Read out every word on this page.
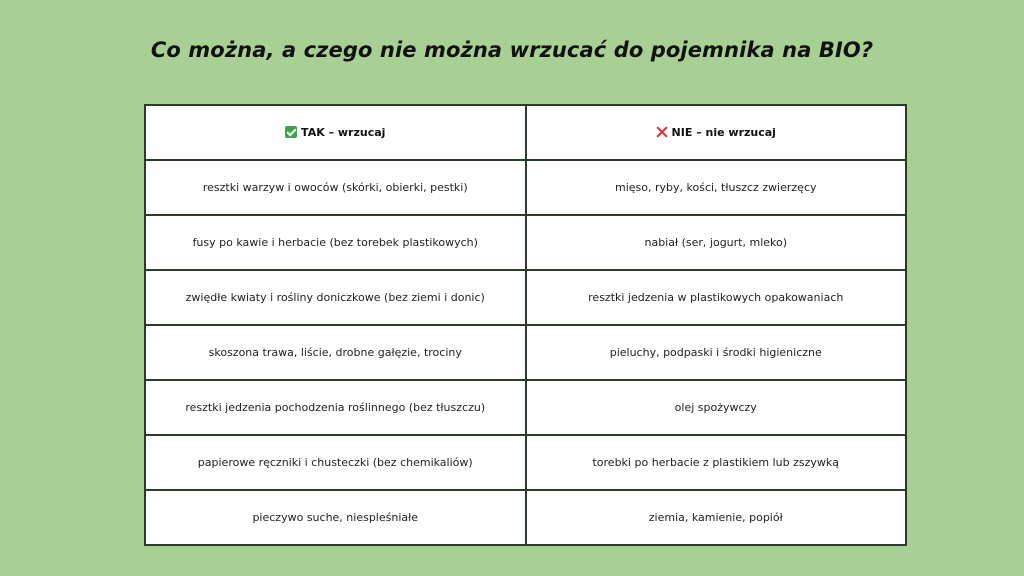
Co można, a czego nie można wrzucać do pojemnika na BIO?
TAK – wrzucaj	NIE – nie wrzucaj
resztki warzyw i owoców (skórki, obierki, pestki)	mięso, ryby, kości, tłuszcz zwierzęcy
fusy po kawie i herbacie (bez torebek plastikowych)	nabiał (ser, jogurt, mleko)
zwiędłe kwiaty i rośliny doniczkowe (bez ziemi i donic)	resztki jedzenia w plastikowych opakowaniach
skoszona trawa, liście, drobne gałęzie, trociny	pieluchy, podpaski i środki higieniczne
resztki jedzenia pochodzenia roślinnego (bez tłuszczu)	olej spożywczy
papierowe ręczniki i chusteczki (bez chemikaliów)	torebki po herbacie z plastikiem lub zszywką
pieczywo suche, niespleśniałe	ziemia, kamienie, popiół
